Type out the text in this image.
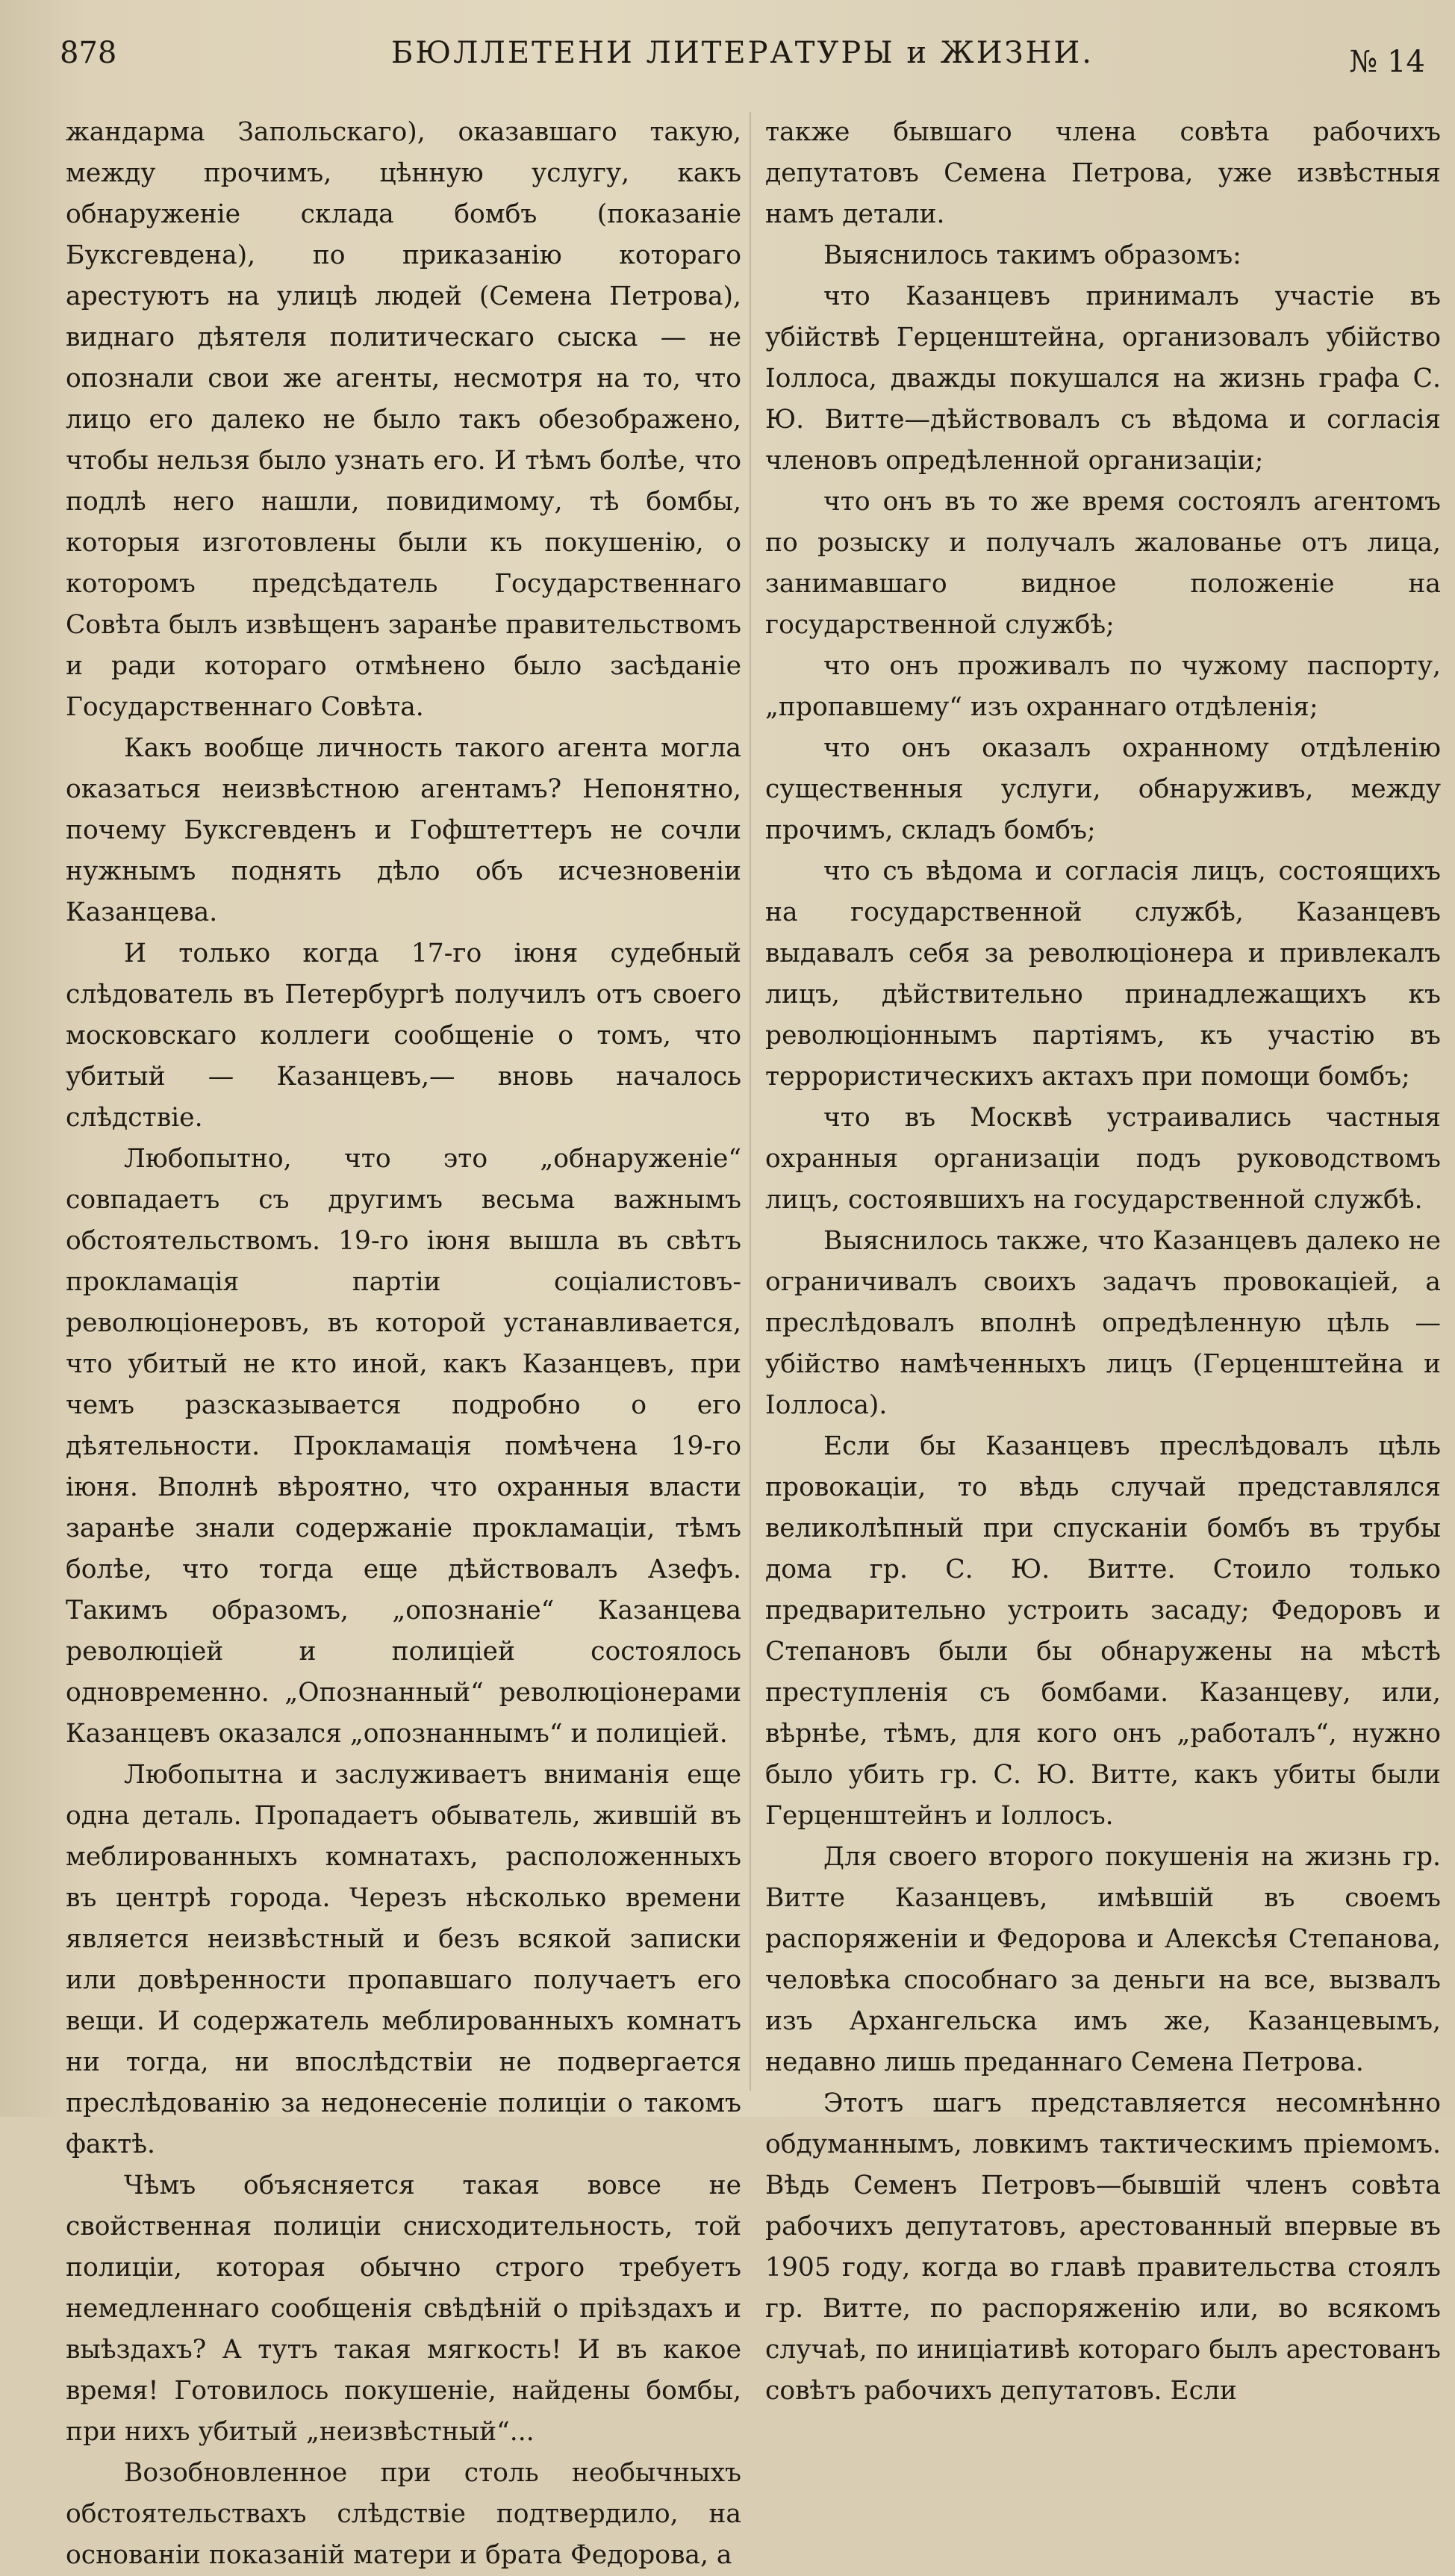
878	БЮЛЛЕТЕНИ ЛИТЕРАТУРЫ и ЖИЗНИ.	№ 14

жандарма Запольскаго), оказавшаго такую, между прочимъ, цѣнную услугу, какъ обнаруженіе склада бомбъ (показаніе Буксгевдена), по приказанію котораго арестуютъ на улицѣ людей (Семена Петрова), виднаго дѣятеля политическаго сыска — не опознали свои же агенты, несмотря на то, что лицо его далеко не было такъ обезображено, чтобы нельзя было узнать его. И тѣмъ болѣе, что подлѣ него нашли, повидимому, тѣ бомбы, которыя изготовлены были къ покушенію, о которомъ предсѣдатель Государственнаго Совѣта былъ извѣщенъ заранѣе правительствомъ и ради котораго отмѣнено было засѣданіе Государственнаго Совѣта.

Какъ вообще личность такого агента могла оказаться неизвѣстною агентамъ? Непонятно, почему Буксгевденъ и Гофштеттеръ не сочли нужнымъ поднять дѣло объ исчезновеніи Казанцева.

И только когда 17-го іюня судебный слѣдователь въ Петербургѣ получилъ отъ своего московскаго коллеги сообщеніе о томъ, что убитый — Казанцевъ,— вновь началось слѣдствіе.

Любопытно, что это „обнаруженіе“ совпадаетъ съ другимъ весьма важнымъ обстоятельствомъ. 19-го іюня вышла въ свѣтъ прокламація партіи соціалистовъ-революціонеровъ, въ которой устанавливается, что убитый не кто иной, какъ Казанцевъ, при чемъ разсказывается подробно о его дѣятельности. Прокламація помѣчена 19-го іюня. Вполнѣ вѣроятно, что охранныя власти заранѣе знали содержаніе прокламаціи, тѣмъ болѣе, что тогда еще дѣйствовалъ Азефъ. Такимъ образомъ, „опознаніе“ Казанцева революціей и полиціей состоялось одновременно. „Опознанный“ революціонерами Казанцевъ оказался „опознаннымъ“ и полиціей.

Любопытна и заслуживаетъ вниманія еще одна деталь. Пропадаетъ обыватель, жившій въ меблированныхъ комнатахъ, расположенныхъ въ центрѣ города. Черезъ нѣсколько времени является неизвѣстный и безъ всякой записки или довѣренности пропавшаго получаетъ его вещи. И содержатель меблированныхъ комнатъ ни тогда, ни впослѣдствіи не подвергается преслѣдованію за недонесеніе полиціи о такомъ фактѣ.

Чѣмъ объясняется такая вовсе не свойственная полиціи снисходительность, той полиціи, которая обычно строго требуетъ немедленнаго сообщенія свѣдѣній о пріѣздахъ и выѣздахъ? А тутъ такая мягкость! И въ какое время! Готовилось покушеніе, найдены бомбы, при нихъ убитый „неизвѣстный“...

Возобновленное при столь необычныхъ обстоятельствахъ слѣдствіе подтвердило, на основаніи показаній матери и брата Федорова, а

также бывшаго члена совѣта рабочихъ депутатовъ Семена Петрова, уже извѣстныя намъ детали.

Выяснилось такимъ образомъ:

что Казанцевъ принималъ участіе въ убійствѣ Герценштейна, организовалъ убійство Іоллоса, дважды покушался на жизнь графа С. Ю. Витте—дѣйствовалъ съ вѣдома и согласія членовъ опредѣленной организаціи;

что онъ въ то же время состоялъ агентомъ по розыску и получалъ жалованье отъ лица, занимавшаго видное положеніе на государственной службѣ;

что онъ проживалъ по чужому паспорту, „пропавшему“ изъ охраннаго отдѣленія;

что онъ оказалъ охранному отдѣленію существенныя услуги, обнаруживъ, между прочимъ, складъ бомбъ;

что съ вѣдома и согласія лицъ, состоящихъ на государственной службѣ, Казанцевъ выдавалъ себя за революціонера и привлекалъ лицъ, дѣйствительно принадлежащихъ къ революціоннымъ партіямъ, къ участію въ террористическихъ актахъ при помощи бомбъ;

что въ Москвѣ устраивались частныя охранныя организаціи подъ руководствомъ лицъ, состоявшихъ на государственной службѣ.

Выяснилось также, что Казанцевъ далеко не ограничивалъ своихъ задачъ провокаціей, а преслѣдовалъ вполнѣ опредѣленную цѣль — убійство намѣченныхъ лицъ (Герценштейна и Іоллоса).

Если бы Казанцевъ преслѣдовалъ цѣль провокаціи, то вѣдь случай представлялся великолѣпный при спусканіи бомбъ въ трубы дома гр. С. Ю. Витте. Стоило только предварительно устроить засаду; Федоровъ и Степановъ были бы обнаружены на мѣстѣ преступленія съ бомбами. Казанцеву, или, вѣрнѣе, тѣмъ, для кого онъ „работалъ“, нужно было убить гр. С. Ю. Витте, какъ убиты были Герценштейнъ и Іоллосъ.

Для своего второго покушенія на жизнь гр. Витте Казанцевъ, имѣвшій въ своемъ распоряженіи и Федорова и Алексѣя Степанова, человѣка способнаго за деньги на все, вызвалъ изъ Архангельска имъ же, Казанцевымъ, недавно лишь преданнаго Семена Петрова.

Этотъ шагъ представляется несомнѣнно обдуманнымъ, ловкимъ тактическимъ пріемомъ. Вѣдь Семенъ Петровъ—бывшій членъ совѣта рабочихъ депутатовъ, арестованный впервые въ 1905 году, когда во главѣ правительства стоялъ гр. Витте, по распоряженію или, во всякомъ случаѣ, по иниціативѣ котораго былъ арестованъ совѣтъ рабочихъ депутатовъ. Если
